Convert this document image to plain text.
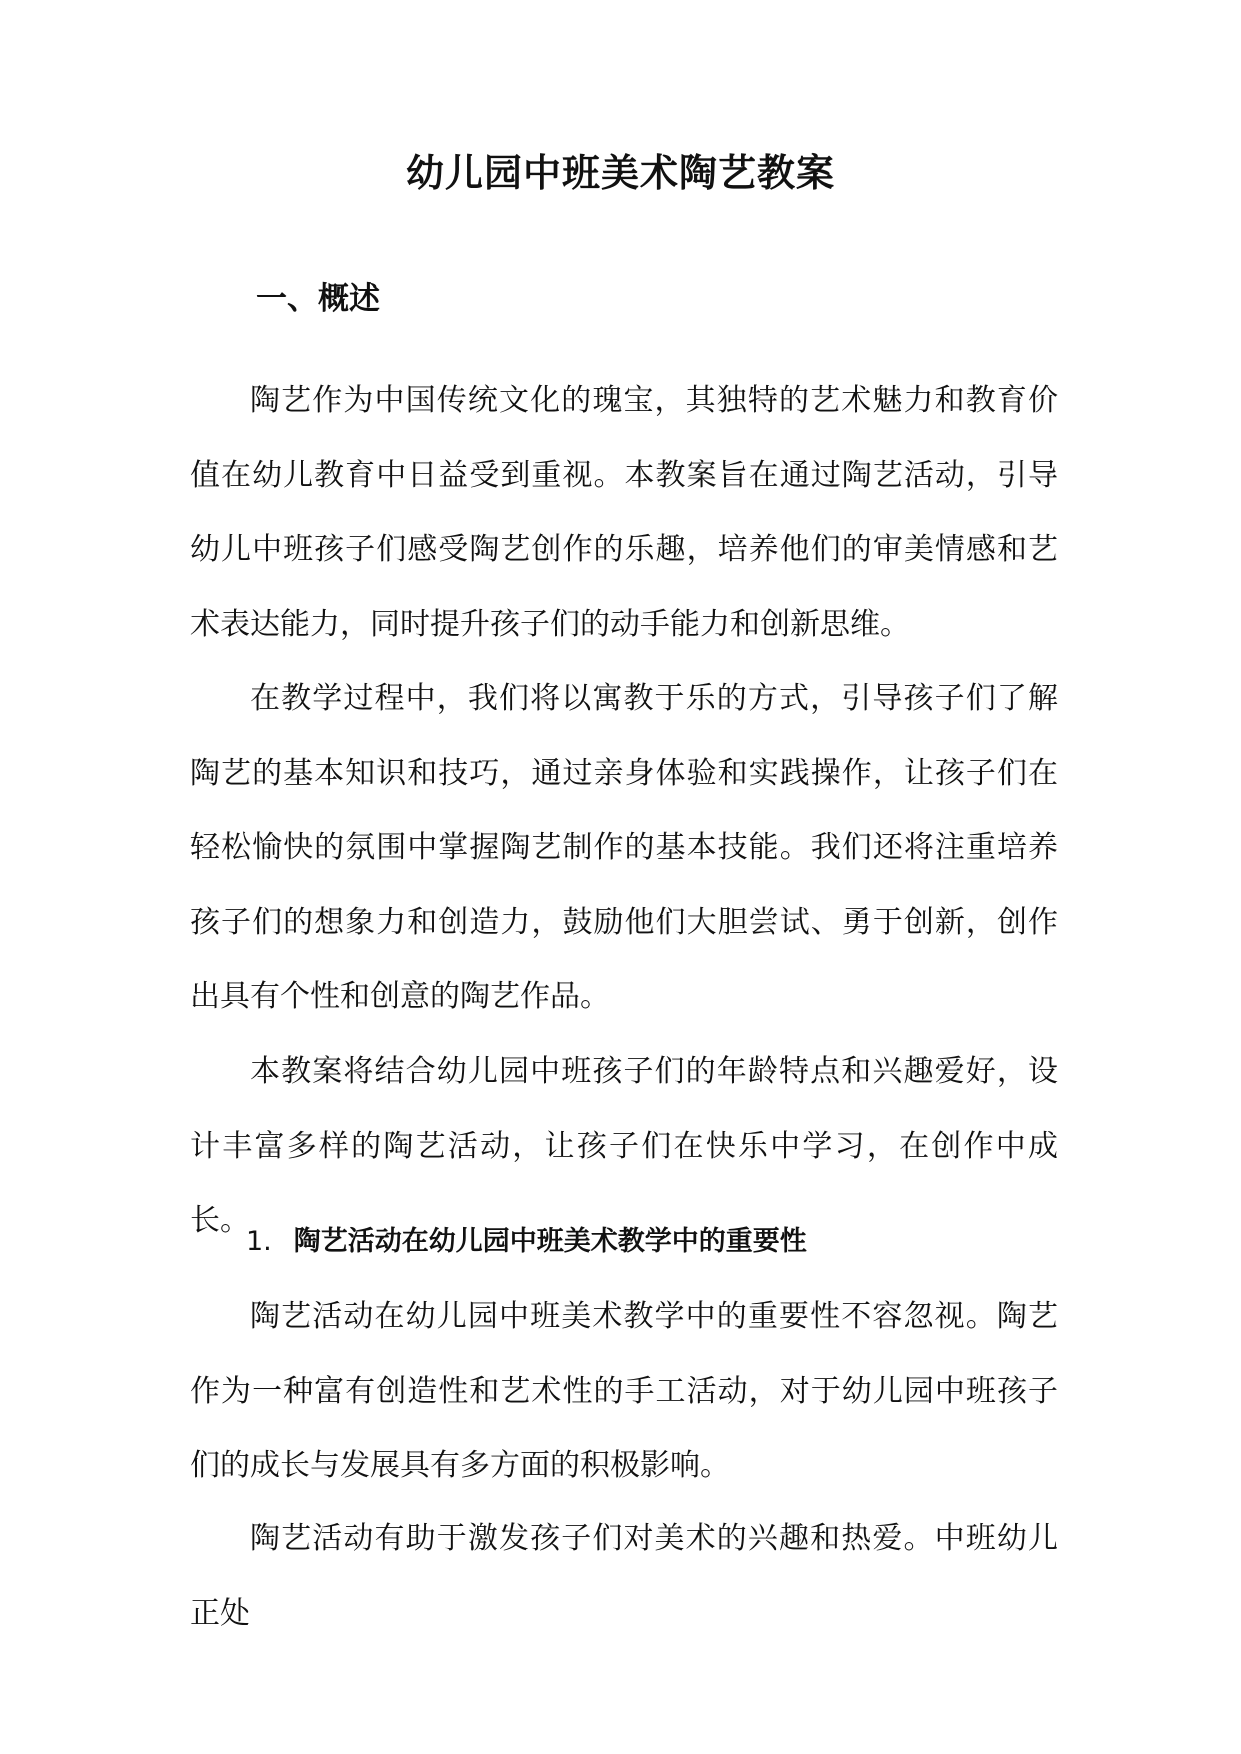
幼儿园中班美术陶艺教案
一、概述

陶艺作为中国传统文化的瑰宝，其独特的艺术魅力和教育价值在幼儿教育中日益受到重视。本教案旨在通过陶艺活动，引导幼儿中班孩子们感受陶艺创作的乐趣，培养他们的审美情感和艺术表达能力，同时提升孩子们的动手能力和创新思维。

在教学过程中，我们将以寓教于乐的方式，引导孩子们了解陶艺的基本知识和技巧，通过亲身体验和实践操作，让孩子们在轻松愉快的氛围中掌握陶艺制作的基本技能。我们还将注重培养孩子们的想象力和创造力，鼓励他们大胆尝试、勇于创新，创作出具有个性和创意的陶艺作品。

本教案将结合幼儿园中班孩子们的年龄特点和兴趣爱好，设计丰富多样的陶艺活动，让孩子们在快乐中学习，在创作中成长。

1. 陶艺活动在幼儿园中班美术教学中的重要性

陶艺活动在幼儿园中班美术教学中的重要性不容忽视。陶艺作为一种富有创造性和艺术性的手工活动，对于幼儿园中班孩子们的成长与发展具有多方面的积极影响。

陶艺活动有助于激发孩子们对美术的兴趣和热爱。中班幼儿正处
